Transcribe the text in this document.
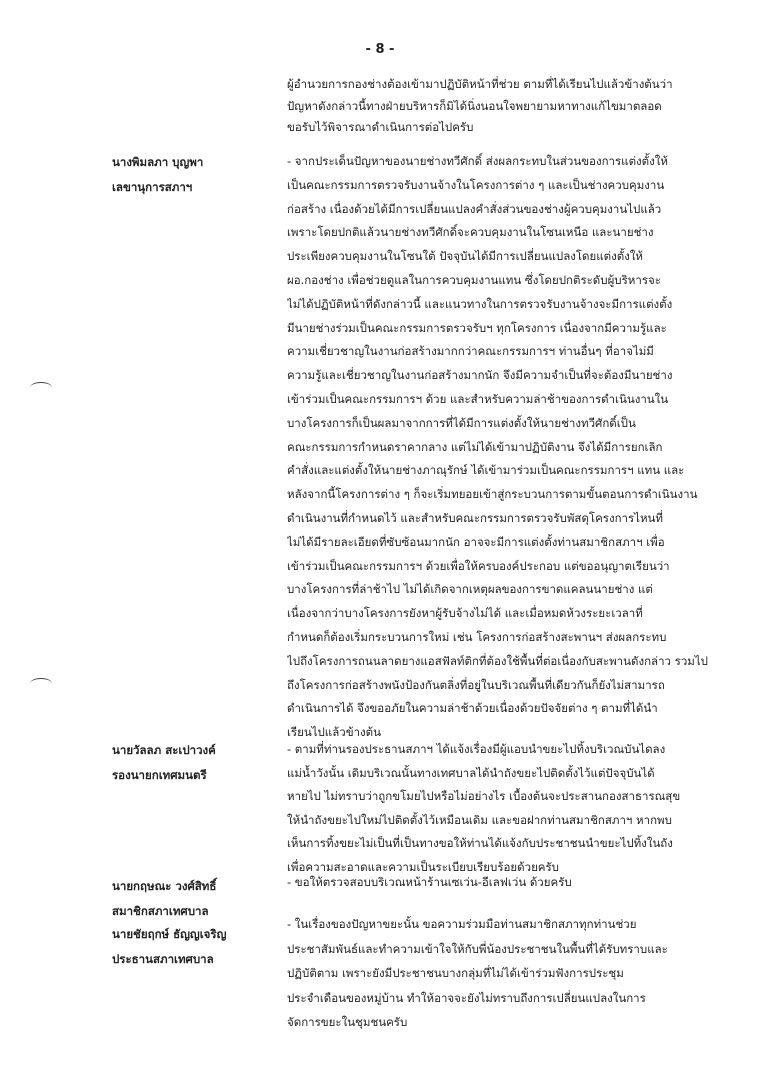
- 8 -
ผู้อำนวยการกองช่างต้องเข้ามาปฏิบัติหน้าที่ช่วย ตามที่ได้เรียนไปแล้วข้างต้นว่า
ปัญหาดังกล่าวนี้ทางฝ่ายบริหารก็มิได้นิ่งนอนใจพยายามหาทางแก้ไขมาตลอด
ขอรับไว้พิจารณาดำเนินการต่อไปครับ
นางพิมลภา บุญพา
เลขานุการสภาฯ
- จากประเด็นปัญหาของนายช่างทวีศักดิ์ ส่งผลกระทบในส่วนของการแต่งตั้งให้
เป็นคณะกรรมการตรวจรับงานจ้างในโครงการต่าง ๆ และเป็นช่างควบคุมงาน
ก่อสร้าง เนื่องด้วยได้มีการเปลี่ยนแปลงคำสั่งส่วนของช่างผู้ควบคุมงานไปแล้ว
เพราะโดยปกติแล้วนายช่างทวีศักดิ์จะควบคุมงานในโซนเหนือ และนายช่าง
ประเพียงควบคุมงานในโซนใต้ ปัจจุบันได้มีการเปลี่ยนแปลงโดยแต่งตั้งให้
ผอ.กองช่าง เพื่อช่วยดูแลในการควบคุมงานแทน ซึ่งโดยปกติระดับผู้บริหารจะ
ไม่ได้ปฏิบัติหน้าที่ดังกล่าวนี้ และแนวทางในการตรวจรับงานจ้างจะมีการแต่งตั้ง
มีนายช่างร่วมเป็นคณะกรรมการตรวจรับฯ ทุกโครงการ เนื่องจากมีความรู้และ
ความเชี่ยวชาญในงานก่อสร้างมากกว่าคณะกรรมการฯ ท่านอื่นๆ ที่อาจไม่มี
ความรู้และเชี่ยวชาญในงานก่อสร้างมากนัก จึงมีความจำเป็นที่จะต้องมีนายช่าง
เข้าร่วมเป็นคณะกรรมการฯ ด้วย และสำหรับความล่าช้าของการดำเนินงานใน
บางโครงการก็เป็นผลมาจากการที่ได้มีการแต่งตั้งให้นายช่างทวีศักดิ์เป็น
คณะกรรมการกำหนดราคากลาง แต่ไม่ได้เข้ามาปฏิบัติงาน จึงได้มีการยกเลิก
คำสั่งและแต่งตั้งให้นายช่างภาณุรักษ์ ได้เข้ามาร่วมเป็นคณะกรรมการฯ แทน และ
หลังจากนี้โครงการต่าง ๆ ก็จะเริ่มทยอยเข้าสู่กระบวนการตามขั้นตอนการดำเนินงาน
ดำเนินงานที่กำหนดไว้ และสำหรับคณะกรรมการตรวจรับพัสดุโครงการไหนที่
ไม่ได้มีรายละเอียดที่ซับซ้อนมากนัก อาจจะมีการแต่งตั้งท่านสมาชิกสภาฯ เพื่อ
เข้าร่วมเป็นคณะกรรมการฯ ด้วยเพื่อให้ครบองค์ประกอบ แต่ขออนุญาตเรียนว่า
บางโครงการที่ล่าช้าไป ไม่ได้เกิดจากเหตุผลของการขาดแคลนนายช่าง แต่
เนื่องจากว่าบางโครงการยังหาผู้รับจ้างไม่ได้ และเมื่อหมดห้วงระยะเวลาที่
กำหนดก็ต้องเริ่มกระบวนการใหม่ เช่น โครงการก่อสร้างสะพานฯ ส่งผลกระทบ
ไปถึงโครงการถนนลาดยางแอสฟัลท์ติกที่ต้องใช้พื้นที่ต่อเนื่องกับสะพานดังกล่าว รวมไป
ถึงโครงการก่อสร้างพนังป้องกันตลิ่งที่อยู่ในบริเวณพื้นที่เดียวกันก็ยังไม่สามารถ
ดำเนินการได้ จึงขออภัยในความล่าช้าด้วยเนื่องด้วยปัจจัยต่าง ๆ ตามที่ได้นำ
เรียนไปแล้วข้างต้น
นายวัลลภ สะเปาวงค์
รองนายกเทศมนตรี
- ตามที่ท่านรองประธานสภาฯ ได้แจ้งเรื่องมีผู้แอบนำขยะไปทิ้งบริเวณบันไดลง
แม่น้ำวังนั้น เดิมบริเวณนั้นทางเทศบาลได้นำถังขยะไปติดตั้งไว้แต่ปัจจุบันได้
หายไป ไม่ทราบว่าถูกขโมยไปหรือไม่อย่างไร เบื้องต้นจะประสานกองสาธารณสุข
ให้นำถังขยะไปใหม่ไปติดตั้งไว้เหมือนเดิม และขอฝากท่านสมาชิกสภาฯ หากพบ
เห็นการทิ้งขยะไม่เป็นที่เป็นทางขอให้ท่านได้แจ้งกับประชาชนนำขยะไปทิ้งในถัง
เพื่อความสะอาดและความเป็นระเบียบเรียบร้อยด้วยครับ
นายกฤษณะ วงศ์สิทธิ์
สมาชิกสภาเทศบาล
- ขอให้ตรวจสอบบริเวณหน้าร้านเซเว่น-อีเลฟเว่น ด้วยครับ
นายชัยฤกษ์ ธัญญเจริญ
ประธานสภาเทศบาล
- ในเรื่องของปัญหาขยะนั้น ขอความร่วมมือท่านสมาชิกสภาทุกท่านช่วย
ประชาสัมพันธ์และทำความเข้าใจให้กับพี่น้องประชาชนในพื้นที่ได้รับทราบและ
ปฏิบัติตาม เพราะยังมีประชาชนบางกลุ่มที่ไม่ได้เข้าร่วมฟังการประชุม
ประจำเดือนของหมู่บ้าน ทำให้อาจจะยังไม่ทราบถึงการเปลี่ยนแปลงในการ
จัดการขยะในชุมชนครับ
